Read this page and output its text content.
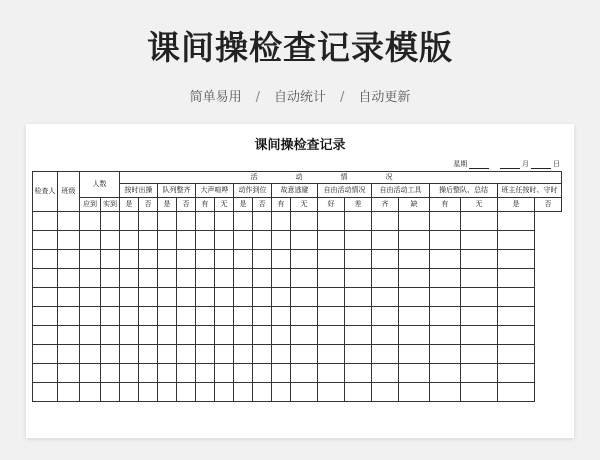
课间操检查记录模版
简单易用 / 自动统计 / 自动更新
课间操检查记录
星期	月	日
检查人	班级	人数		活动情况																	
				按时出操		队列整齐		大声喧哗		动作到位		故意逃避		自由活动情况		自由活动工具		操后整队、总结		班主任按时、守时	
		应到	实到	是	否	是	否	有	无	是	否	有	无	好	差	齐	缺	有	无	是	否
